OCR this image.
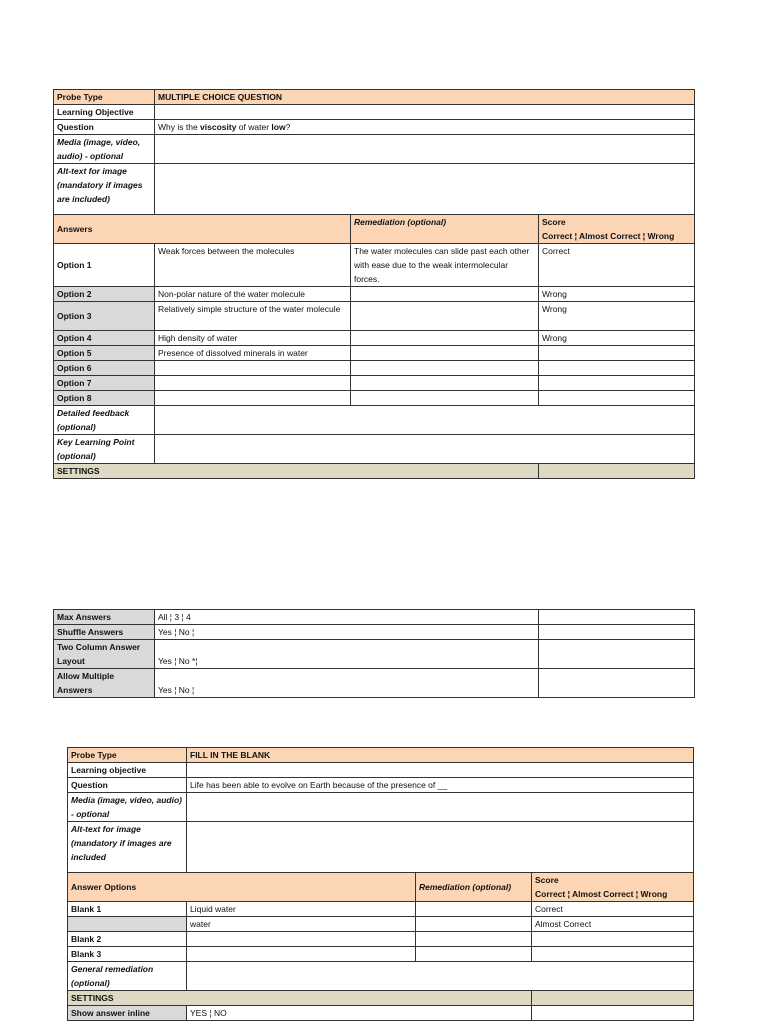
Probe Type	MULTIPLE CHOICE QUESTION		
Learning Objective			
Question	Why is the viscosity of water low?		
Media (image, video, audio) - optional			
Alt-text for image (mandatory if images are included)			
Answers		Remediation (optional)	Score
Correct ¦ Almost Correct ¦ Wrong

Option 1	Weak forces between the molecules	The water molecules can slide past each other with ease due to the weak intermolecular forces.	Correct
Option 2	Non-polar nature of the water molecule		Wrong
Option 3	Relatively simple structure of the water molecule		Wrong
Option 4	High density of water		Wrong
Option 5	Presence of dissolved minerals in water		
Option 6			
Option 7			
Option 8			
Detailed feedback (optional)			
Key Learning Point (optional)			
SETTINGS			
Max Answers	All ¦ 3 ¦ 4	
Shuffle Answers	Yes ¦ No ¦	
Two Column Answer Layout	Yes ¦ No *¦	
Allow Multiple Answers	Yes ¦ No ¦	
Probe Type	FILL IN THE BLANK		
Learning objective			
Question	Life has been able to evolve on Earth because of the presence of __		
Media (image, video, audio) - optional			
Alt-text for image (mandatory if images are included			
Answer Options		Remediation (optional)	Score
Correct ¦ Almost Correct ¦ Wrong

Blank 1	Liquid water		Correct
	water		Almost Correct
Blank 2			
Blank 3			
General remediation (optional)			
SETTINGS			
Show answer inline	YES ¦ NO		
